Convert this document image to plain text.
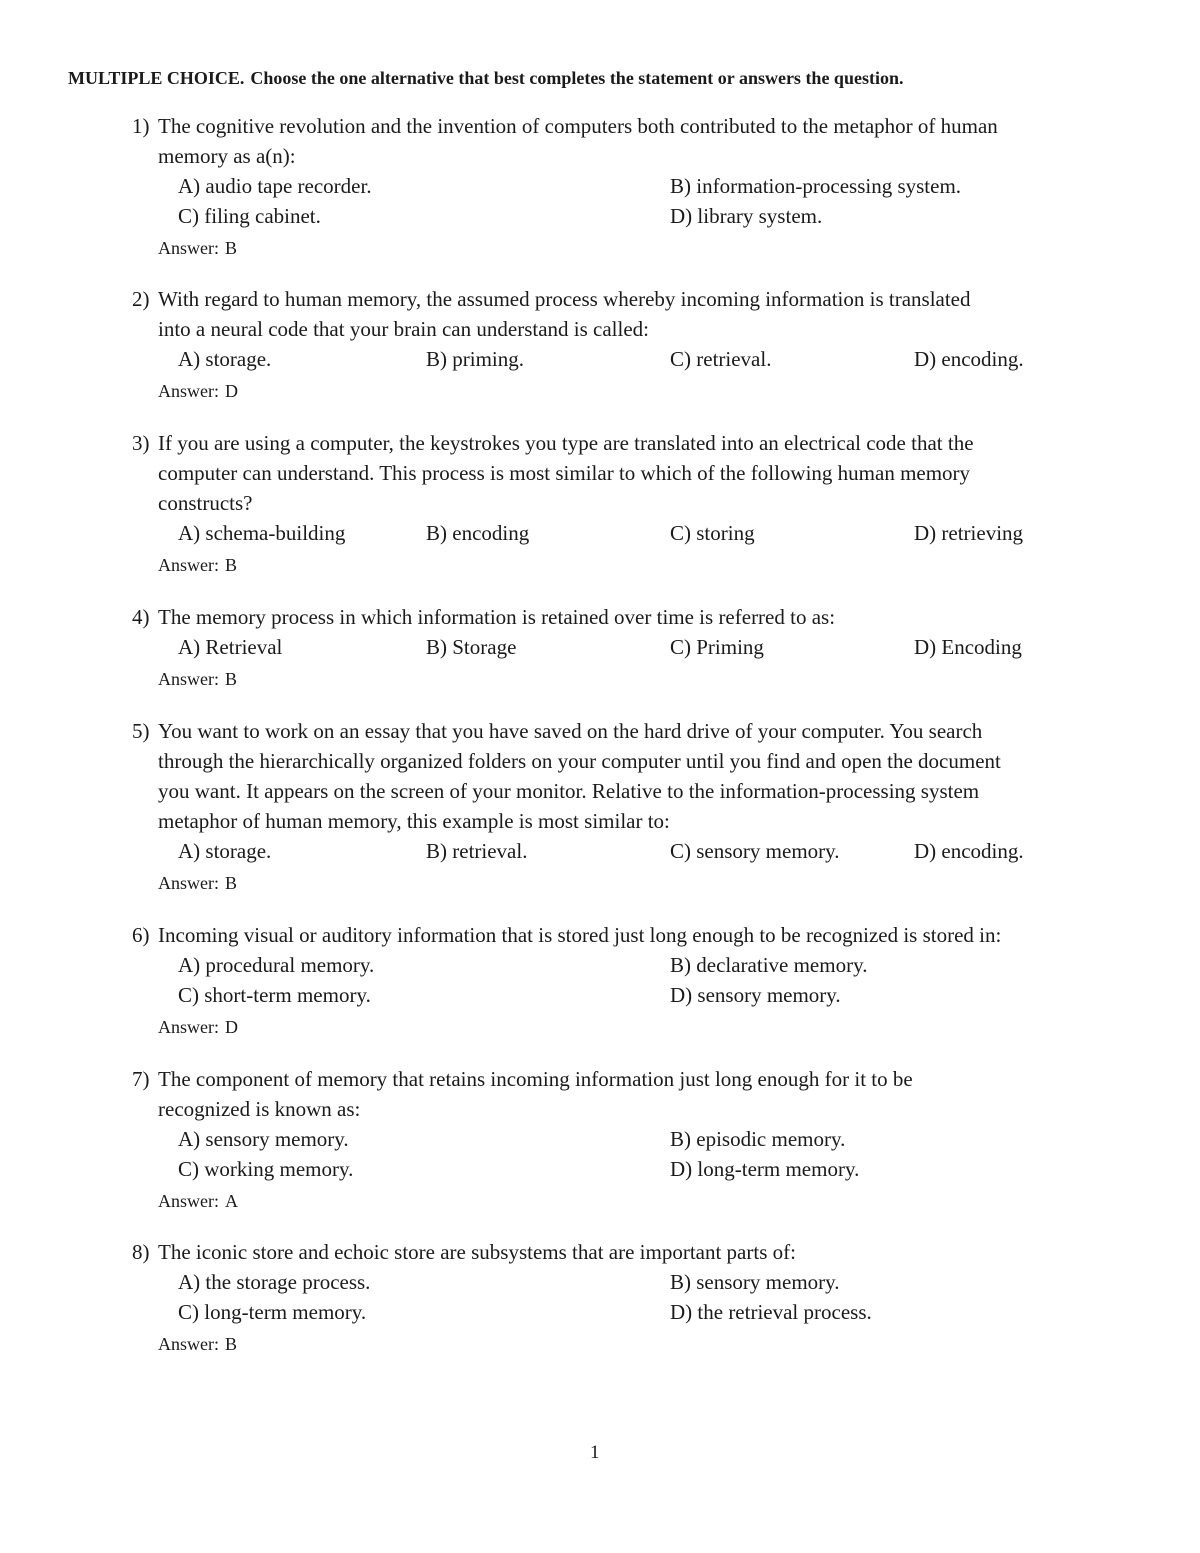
MULTIPLE CHOICE. Choose the one alternative that best completes the statement or answers the question.
1) The cognitive revolution and the invention of computers both contributed to the metaphor of human
memory as a(n):
A) audio tape recorder.	B) information-processing system.
C) filing cabinet.	D) library system.
Answer: B
2) With regard to human memory, the assumed process whereby incoming information is translated
into a neural code that your brain can understand is called:
A) storage.	B) priming.	C) retrieval.	D) encoding.
Answer: D
3) If you are using a computer, the keystrokes you type are translated into an electrical code that the
computer can understand. This process is most similar to which of the following human memory
constructs?
A) schema-building	B) encoding	C) storing	D) retrieving
Answer: B
4) The memory process in which information is retained over time is referred to as:
A) Retrieval	B) Storage	C) Priming	D) Encoding
Answer: B
5) You want to work on an essay that you have saved on the hard drive of your computer. You search
through the hierarchically organized folders on your computer until you find and open the document
you want. It appears on the screen of your monitor. Relative to the information-processing system
metaphor of human memory, this example is most similar to:
A) storage.	B) retrieval.	C) sensory memory.	D) encoding.
Answer: B
6) Incoming visual or auditory information that is stored just long enough to be recognized is stored in:
A) procedural memory.	B) declarative memory.
C) short-term memory.	D) sensory memory.
Answer: D
7) The component of memory that retains incoming information just long enough for it to be
recognized is known as:
A) sensory memory.	B) episodic memory.
C) working memory.	D) long-term memory.
Answer: A
8) The iconic store and echoic store are subsystems that are important parts of:
A) the storage process.	B) sensory memory.
C) long-term memory.	D) the retrieval process.
Answer: B
1
